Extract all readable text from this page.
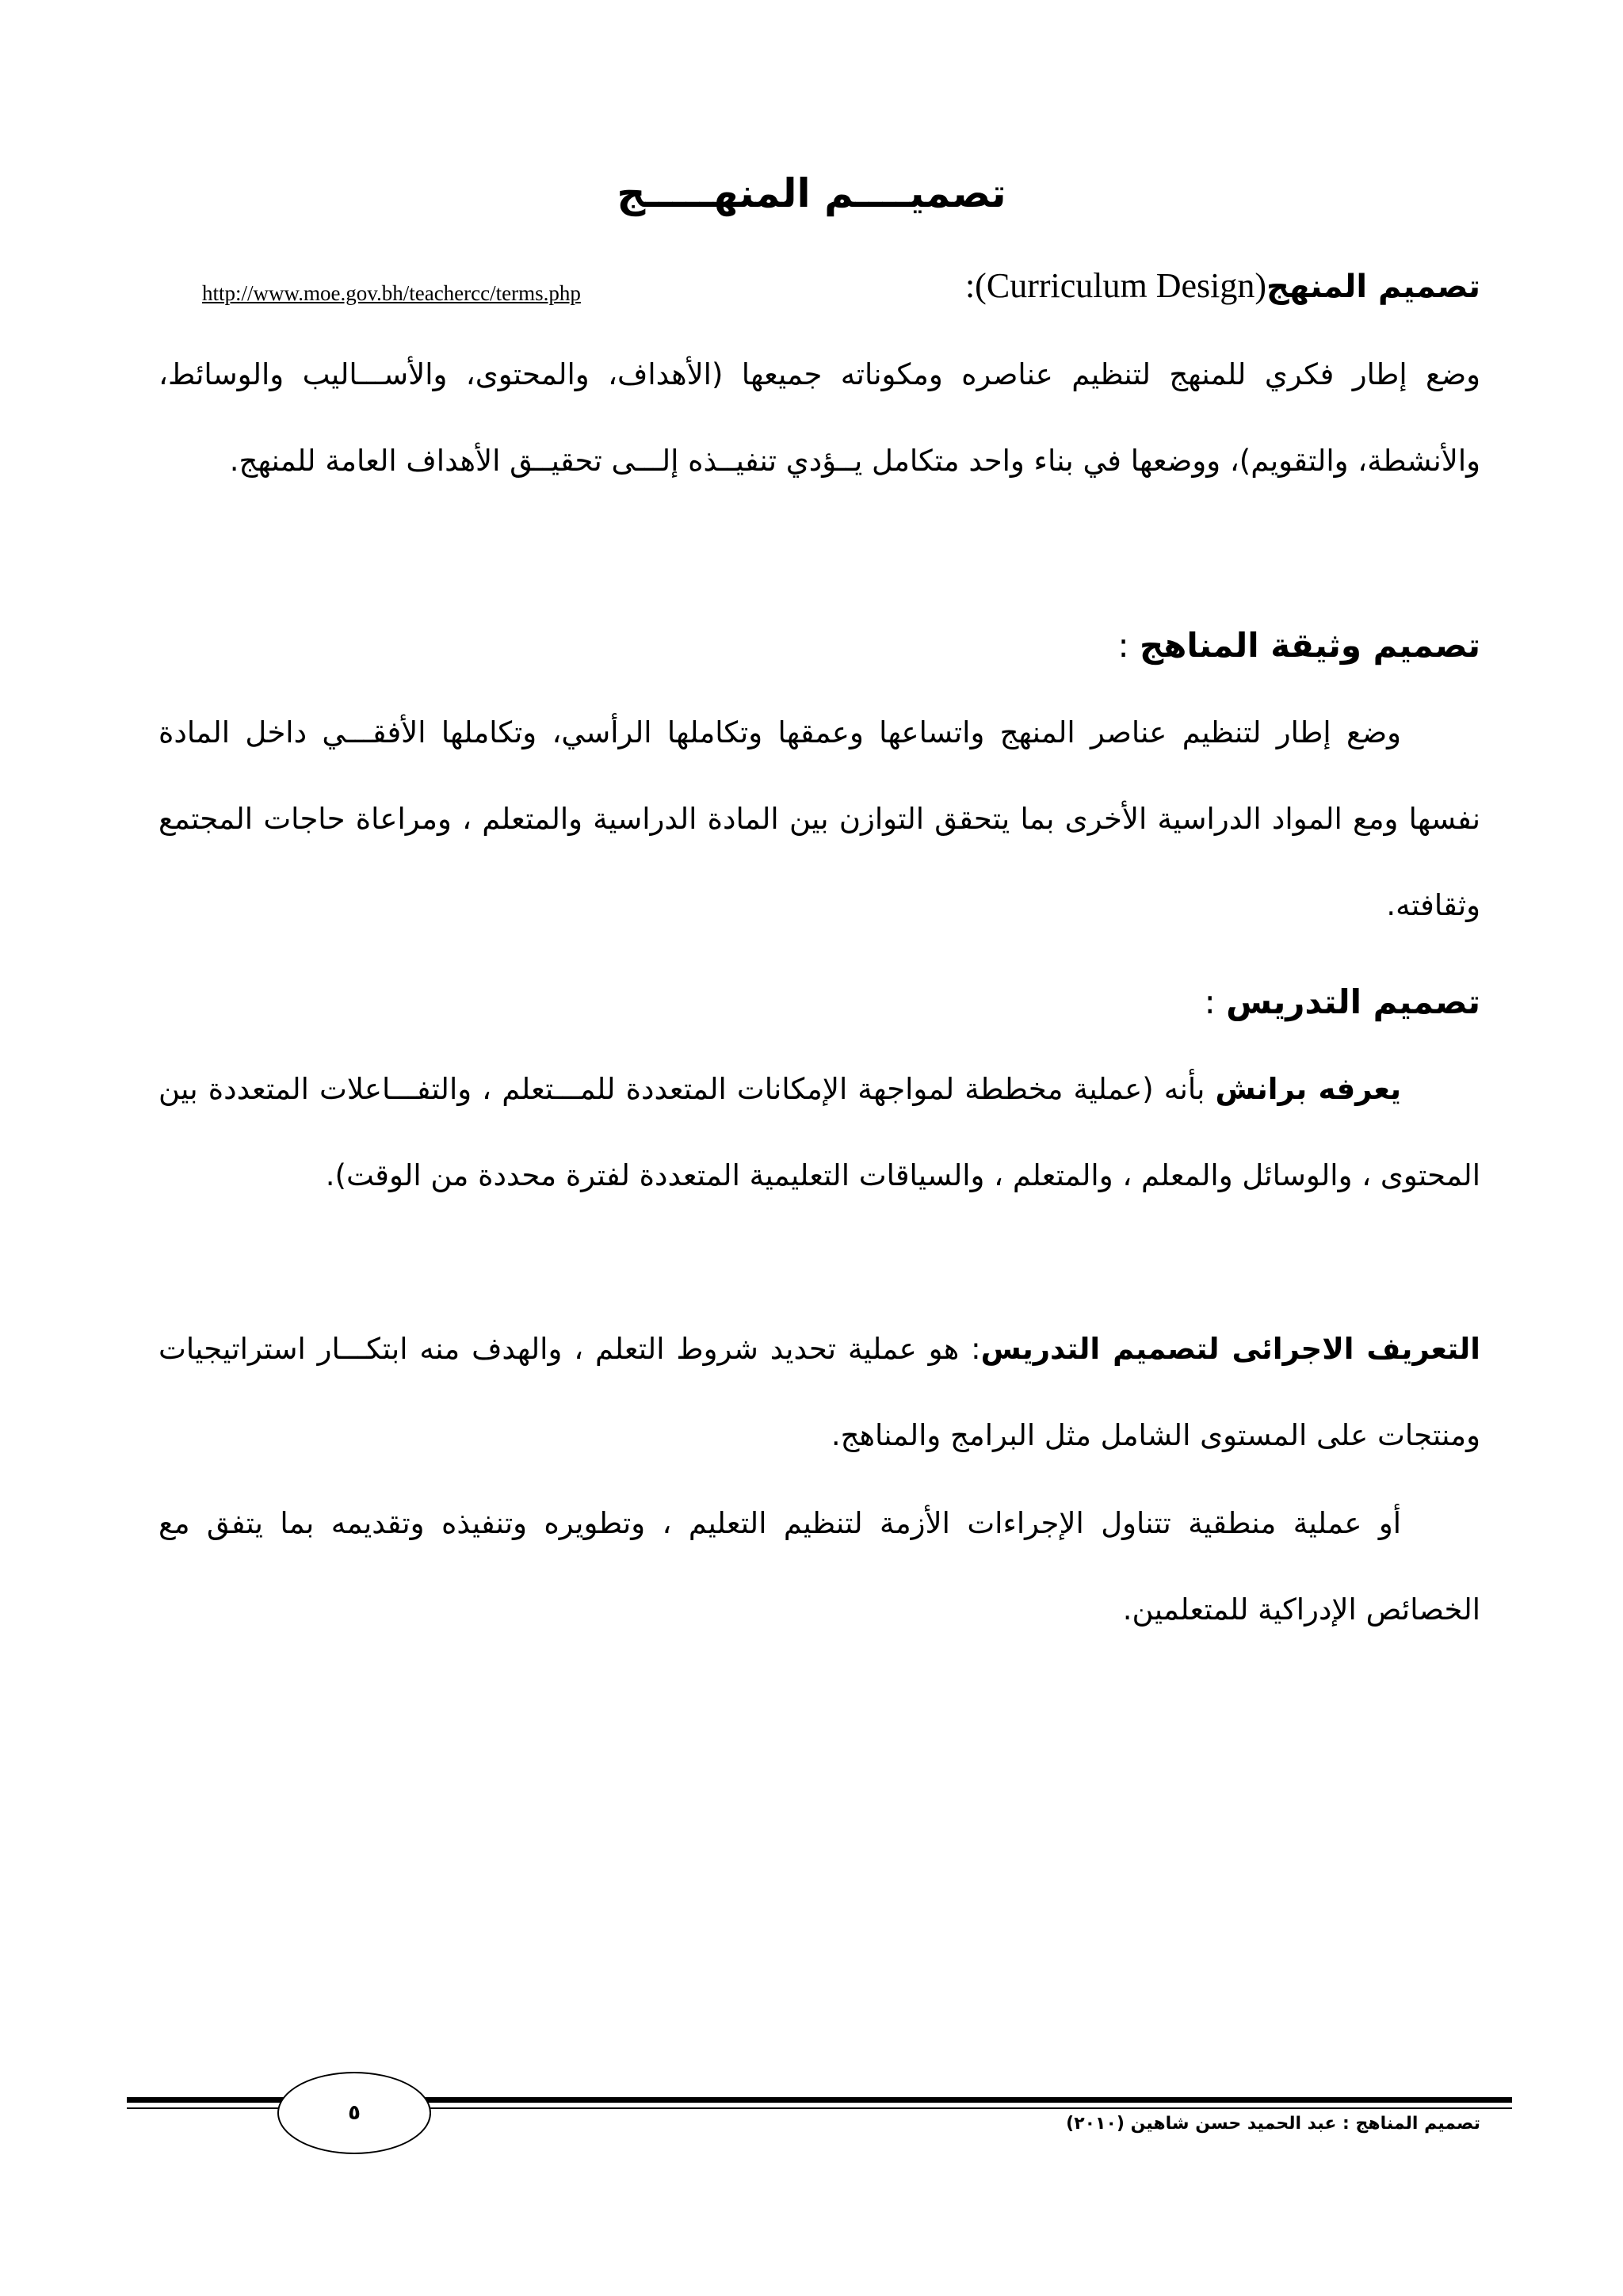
تصميــــم المنهـــــج
تصميم المنهج(Curriculum Design):
http://www.moe.gov.bh/teachercc/terms.php
وضع إطار فكري للمنهج لتنظيم عناصره ومكوناته جميعها (الأهداف، والمحتوى، والأســـاليب والوسائط، والأنشطة، والتقويم)، ووضعها في بناء واحد متكامل يــؤدي تنفيــذه إلـــى تحقيــق الأهداف العامة للمنهج.
تصميم وثيقة المناهج :
وضع إطار لتنظيم عناصر المنهج واتساعها وعمقها وتكاملها الرأسي، وتكاملها الأفقـــي داخل المادة نفسها ومع المواد الدراسية الأخرى بما يتحقق التوازن بين المادة الدراسية والمتعلم ، ومراعاة حاجات المجتمع وثقافته.
تصميم التدريس :
يعرفه برانش بأنه (عملية مخططة لمواجهة الإمكانات المتعددة للمـــتعلم ، والتفـــاعلات المتعددة بين المحتوى ، والوسائل والمعلم ، والمتعلم ، والسياقات التعليمية المتعددة لفترة محددة من الوقت).
التعريف الاجرائى لتصميم التدريس: هو عملية تحديد شروط التعلم ، والهدف منه ابتكـــار استراتيجيات ومنتجات على المستوى الشامل مثل البرامج والمناهج.
أو عملية منطقية تتناول الإجراءات الأزمة لتنظيم التعليم ، وتطويره وتنفيذه وتقديمه بما يتفق مع الخصائص الإدراكية للمتعلمين.
٥	تصميم المناهج : عبد الحميد حسن شاهين (٢٠١٠)
